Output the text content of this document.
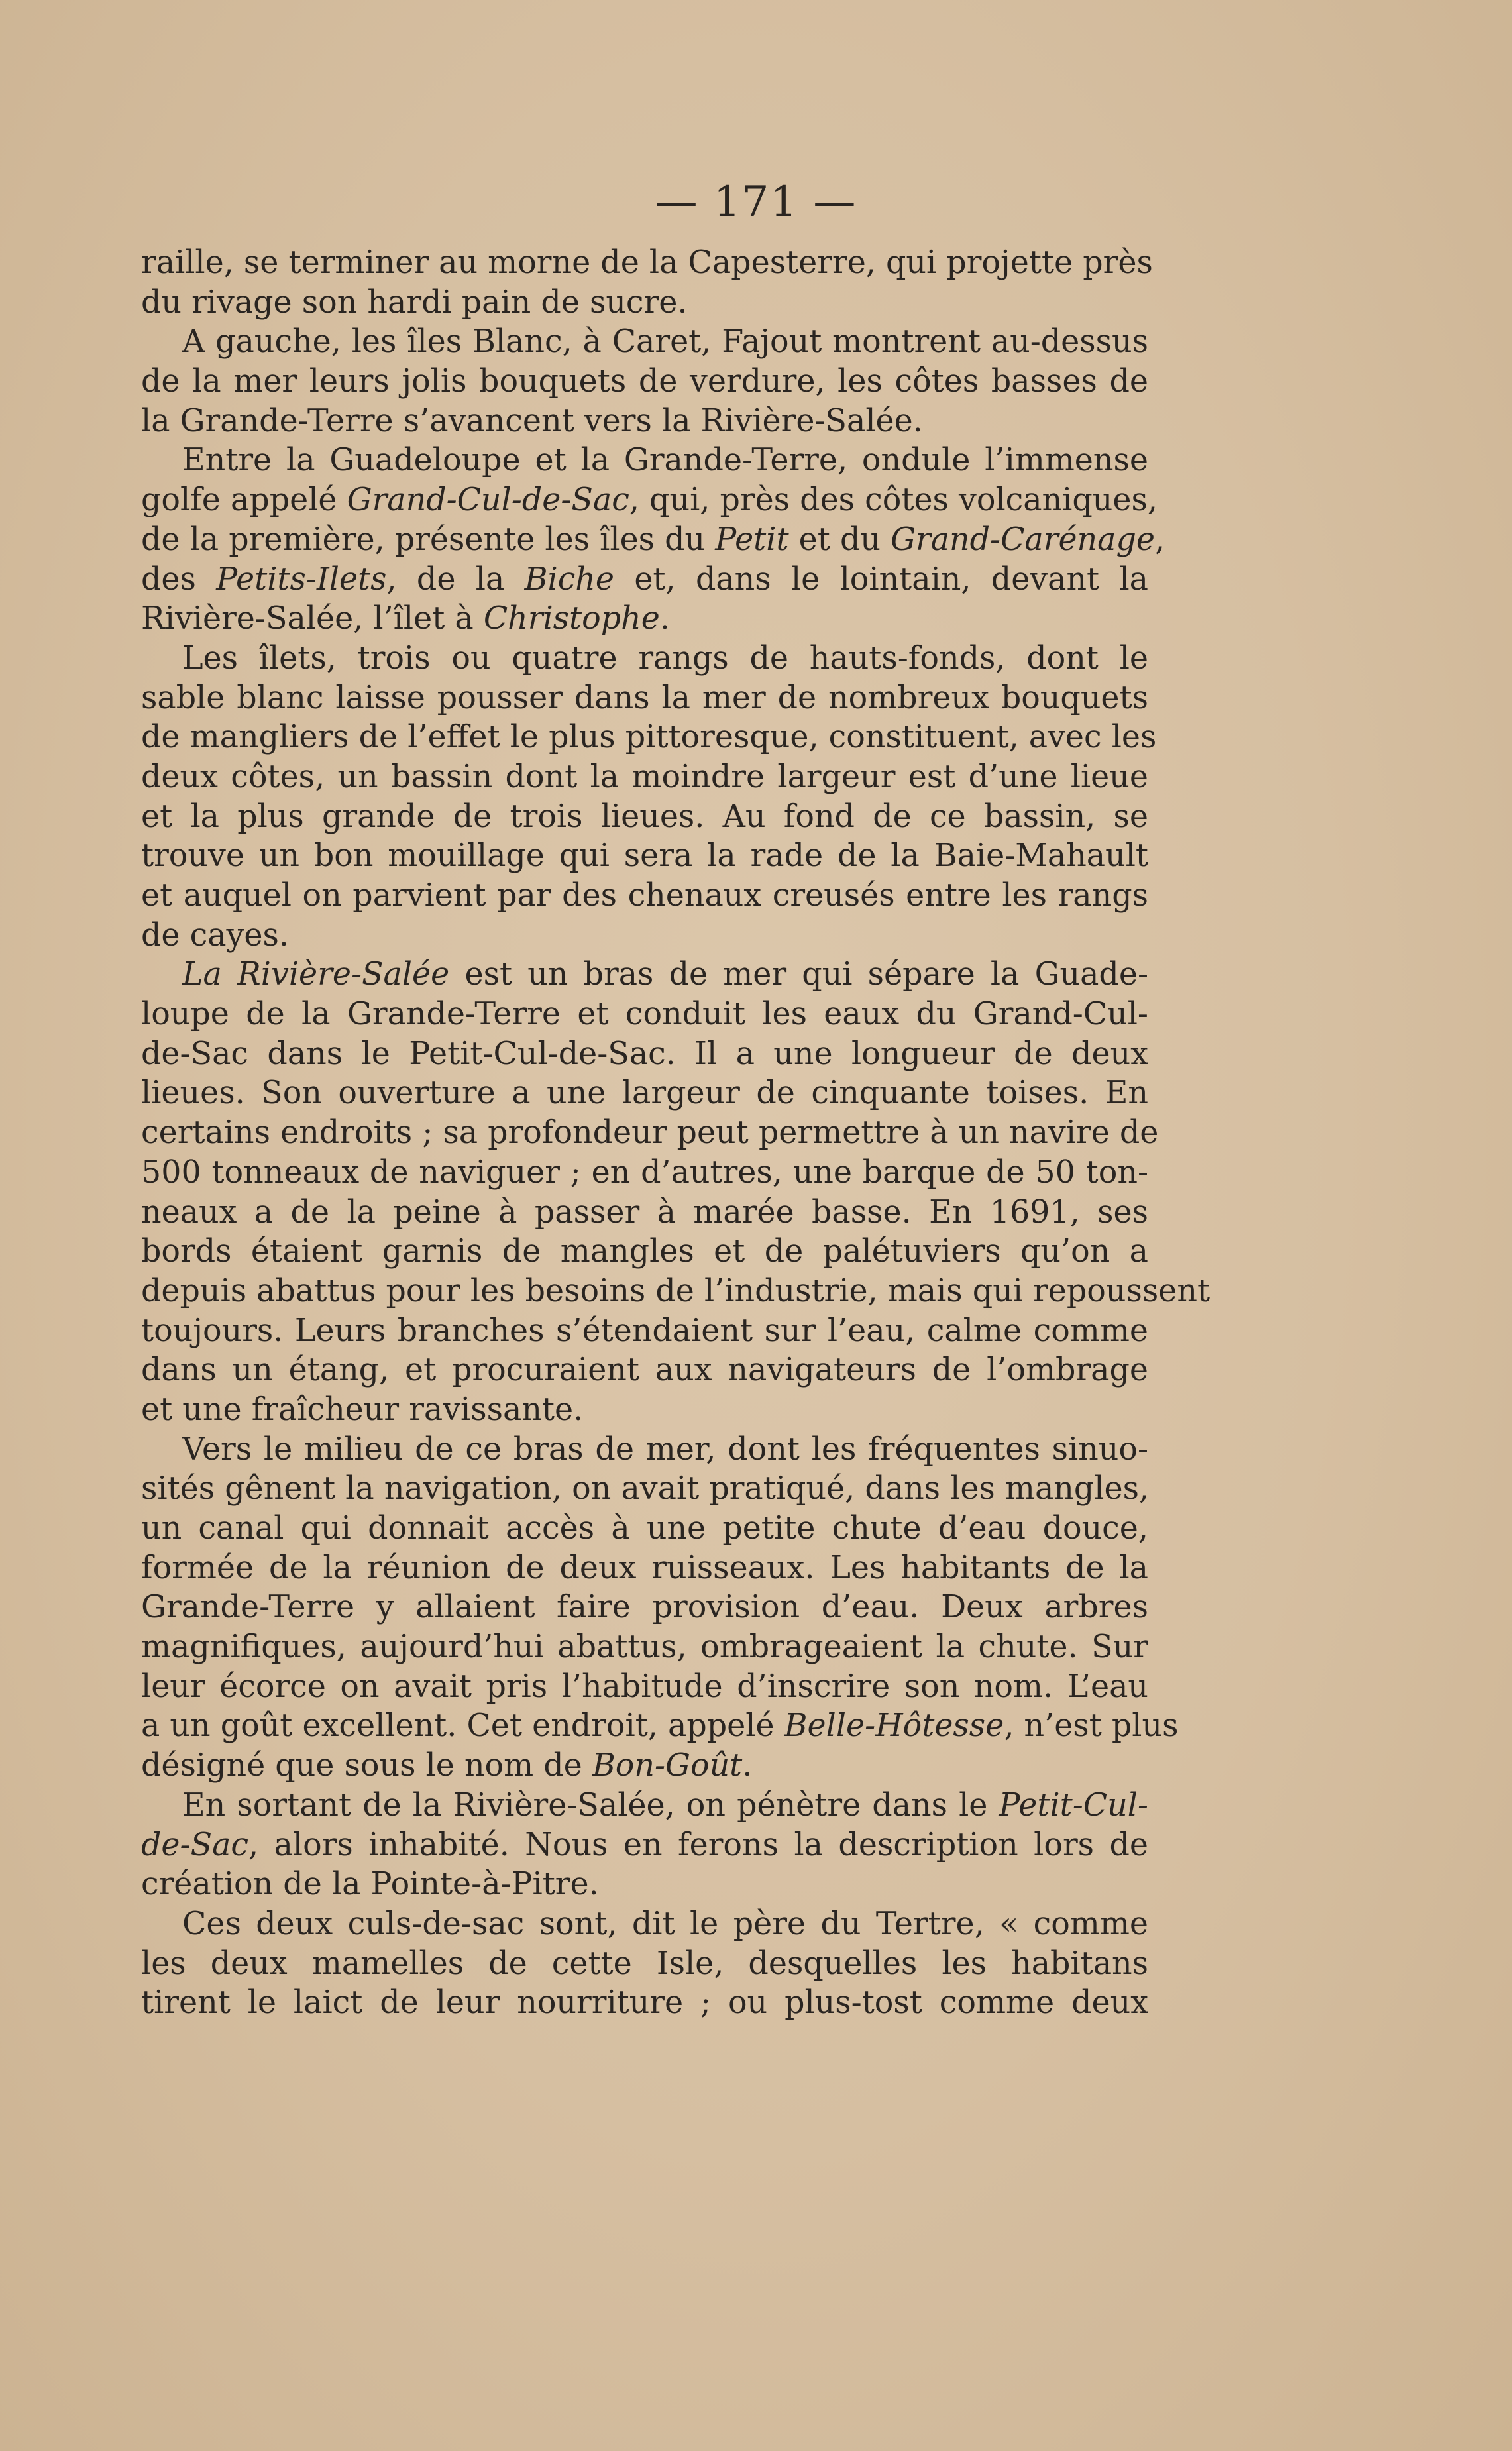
— 171 —
raille, se terminer au morne de la Capesterre, qui projette près
du rivage son hardi pain de sucre.
A gauche, les îles Blanc, à Caret, Fajout montrent au-dessus
de la mer leurs jolis bouquets de verdure, les côtes basses de
la Grande-Terre s’avancent vers la Rivière-Salée.
Entre la Guadeloupe et la Grande-Terre, ondule l’immense
golfe appelé Grand-Cul-de-Sac, qui, près des côtes volcaniques,
de la première, présente les îles du Petit et du Grand-Carénage,
des Petits-Ilets, de la Biche et, dans le lointain, devant la
Rivière-Salée, l’îlet à Christophe.
Les îlets, trois ou quatre rangs de hauts-fonds, dont le
sable blanc laisse pousser dans la mer de nombreux bouquets
de mangliers de l’effet le plus pittoresque, constituent, avec les
deux côtes, un bassin dont la moindre largeur est d’une lieue
et la plus grande de trois lieues. Au fond de ce bassin, se
trouve un bon mouillage qui sera la rade de la Baie-Mahault
et auquel on parvient par des chenaux creusés entre les rangs
de cayes.
La Rivière-Salée est un bras de mer qui sépare la Guade-
loupe de la Grande-Terre et conduit les eaux du Grand-Cul-
de-Sac dans le Petit-Cul-de-Sac. Il a une longueur de deux
lieues. Son ouverture a une largeur de cinquante toises. En
certains endroits ; sa profondeur peut permettre à un navire de
500 tonneaux de naviguer ; en d’autres, une barque de 50 ton-
neaux a de la peine à passer à marée basse. En 1691, ses
bords étaient garnis de mangles et de palétuviers qu’on a
depuis abattus pour les besoins de l’industrie, mais qui repoussent
toujours. Leurs branches s’étendaient sur l’eau, calme comme
dans un étang, et procuraient aux navigateurs de l’ombrage
et une fraîcheur ravissante.
Vers le milieu de ce bras de mer, dont les fréquentes sinuo-
sités gênent la navigation, on avait pratiqué, dans les mangles,
un canal qui donnait accès à une petite chute d’eau douce,
formée de la réunion de deux ruisseaux. Les habitants de la
Grande-Terre y allaient faire provision d’eau. Deux arbres
magnifiques, aujourd’hui abattus, ombrageaient la chute. Sur
leur écorce on avait pris l’habitude d’inscrire son nom. L’eau
a un goût excellent. Cet endroit, appelé Belle-Hôtesse, n’est plus
désigné que sous le nom de Bon-Goût.
En sortant de la Rivière-Salée, on pénètre dans le Petit-Cul-
de-Sac, alors inhabité. Nous en ferons la description lors de
création de la Pointe-à-Pitre.
Ces deux culs-de-sac sont, dit le père du Tertre, « comme
les deux mamelles de cette Isle, desquelles les habitans
tirent le laict de leur nourriture ; ou plus-tost comme deux
